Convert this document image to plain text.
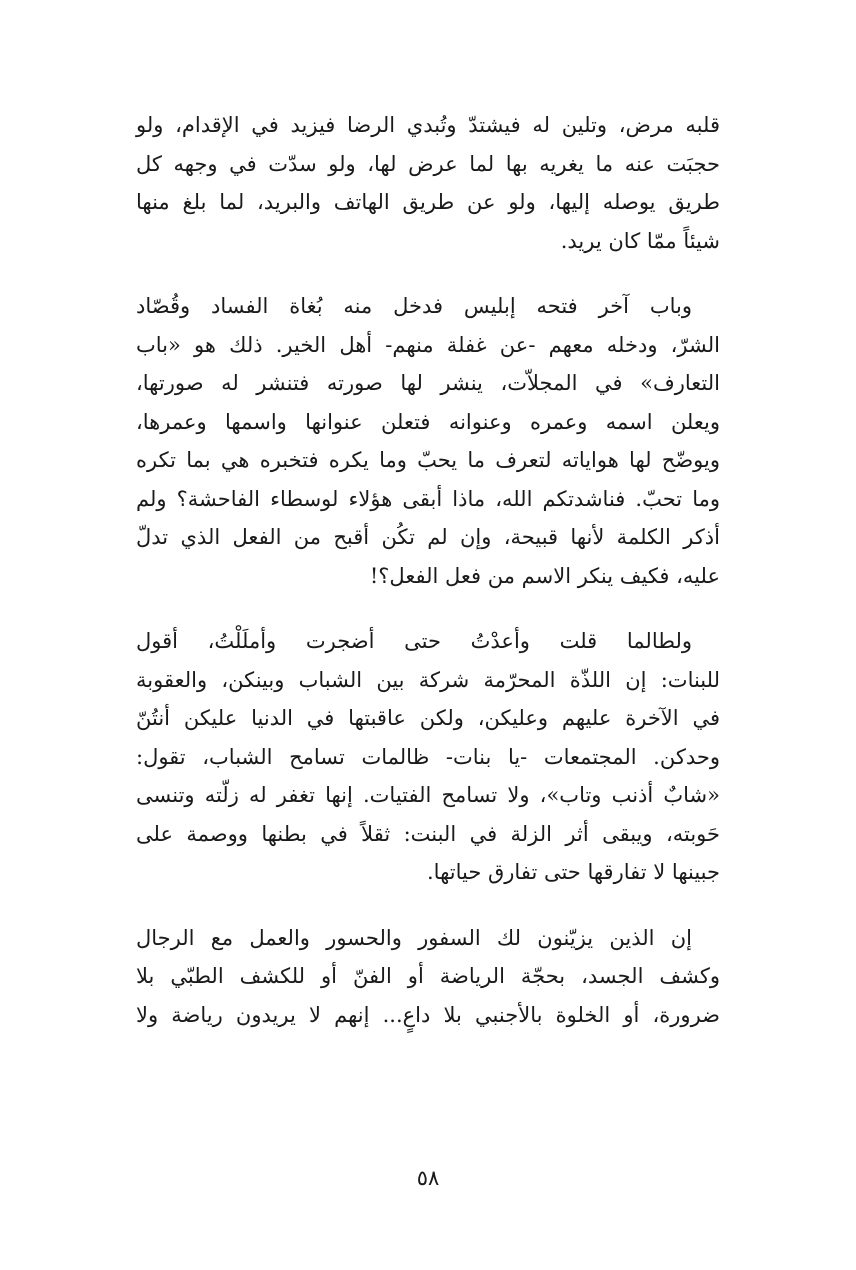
قلبه مرض، وتلين له فيشتدّ وتُبدي الرضا فيزيد في الإقدام، ولو
حجبَت عنه ما يغريه بها لما عرض لها، ولو سدّت في وجهه كل
طريق يوصله إليها، ولو عن طريق الهاتف والبريد، لما بلغ منها
شيئاً ممّا كان يريد.

وباب آخر فتحه إبليس فدخل منه بُغاة الفساد وقُصّاد
الشرّ، ودخله معهم -عن غفلة منهم- أهل الخير. ذلك هو «باب
التعارف» في المجلاّت، ينشر لها صورته فتنشر له صورتها،
ويعلن اسمه وعمره وعنوانه فتعلن عنوانها واسمها وعمرها،
ويوضّح لها هواياته لتعرف ما يحبّ وما يكره فتخبره هي بما تكره
وما تحبّ. فناشدتكم الله، ماذا أبقى هؤلاء لوسطاء الفاحشة؟ ولم
أذكر الكلمة لأنها قبيحة، وإن لم تكُن أقبح من الفعل الذي تدلّ
عليه، فكيف ينكر الاسم من فعل الفعل؟!

ولطالما قلت وأعدْتُ حتى أضجرت وأملَلْتُ، أقول
للبنات: إن اللذّة المحرّمة شركة بين الشباب وبينكن، والعقوبة
في الآخرة عليهم وعليكن، ولكن عاقبتها في الدنيا عليكن أنتُنّ
وحدكن. المجتمعات -يا بنات- ظالمات تسامح الشباب، تقول:
«شابٌ أذنب وتاب»، ولا تسامح الفتيات. إنها تغفر له زلّته وتنسى
حَوبته، ويبقى أثر الزلة في البنت: ثقلاً في بطنها ووصمة على
جبينها لا تفارقها حتى تفارق حياتها.

إن الذين يزيّنون لك السفور والحسور والعمل مع الرجال
وكشف الجسد، بحجّة الرياضة أو الفنّ أو للكشف الطبّي بلا
ضرورة، أو الخلوة بالأجنبي بلا داعٍ... إنهم لا يريدون رياضة ولا

٥٨
